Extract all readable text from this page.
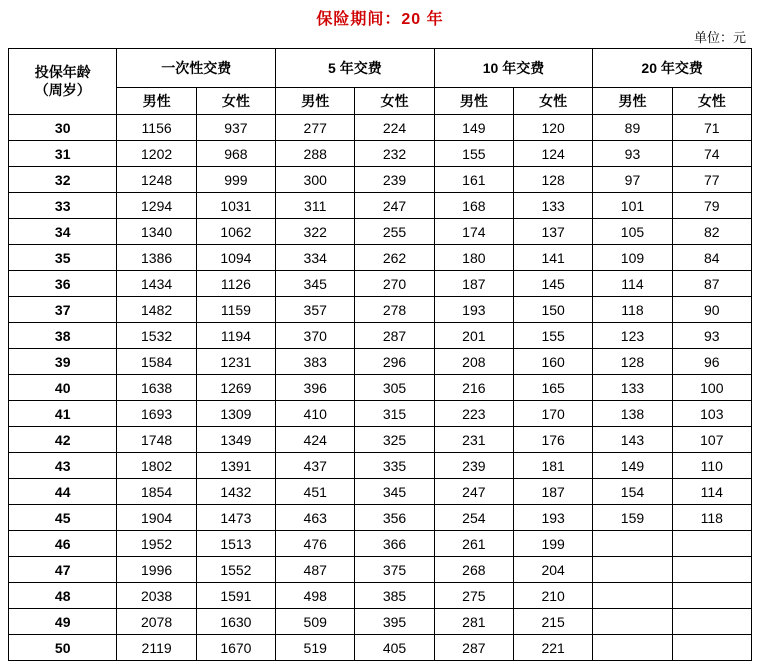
保险期间：20 年
单位：元
投保年龄
（周岁）	一次性交费		5 年交费		10 年交费		20 年交费	
	男性	女性	男性	女性	男性	女性	男性	女性
30	1156	937	277	224	149	120	89	71
31	1202	968	288	232	155	124	93	74
32	1248	999	300	239	161	128	97	77
33	1294	1031	311	247	168	133	101	79
34	1340	1062	322	255	174	137	105	82
35	1386	1094	334	262	180	141	109	84
36	1434	1126	345	270	187	145	114	87
37	1482	1159	357	278	193	150	118	90
38	1532	1194	370	287	201	155	123	93
39	1584	1231	383	296	208	160	128	96
40	1638	1269	396	305	216	165	133	100
41	1693	1309	410	315	223	170	138	103
42	1748	1349	424	325	231	176	143	107
43	1802	1391	437	335	239	181	149	110
44	1854	1432	451	345	247	187	154	114
45	1904	1473	463	356	254	193	159	118
46	1952	1513	476	366	261	199		
47	1996	1552	487	375	268	204		
48	2038	1591	498	385	275	210		
49	2078	1630	509	395	281	215		
50	2119	1670	519	405	287	221		
